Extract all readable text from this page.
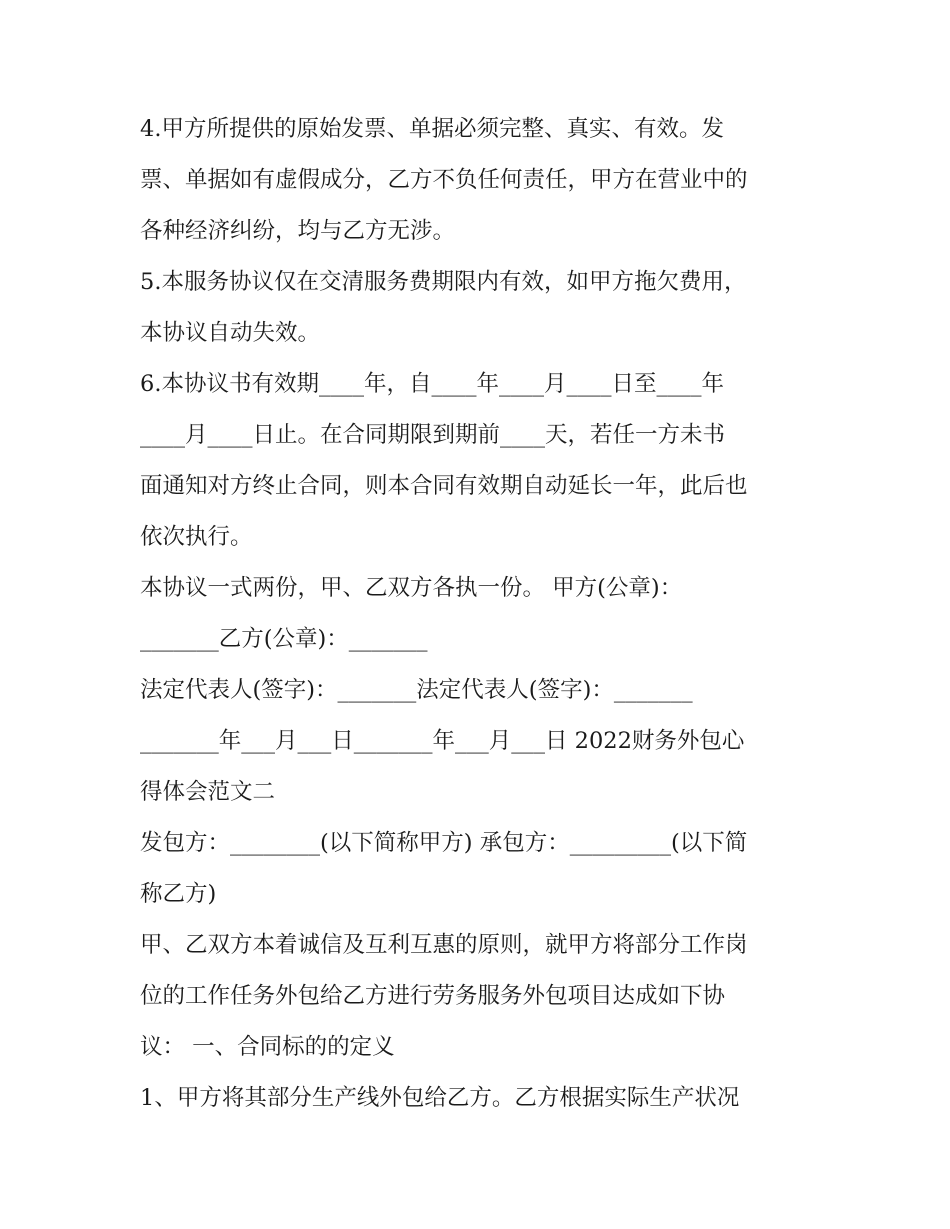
4.甲方所提供的原始发票、单据必须完整、真实、有效。发
票、单据如有虚假成分，乙方不负任何责任，甲方在营业中的
各种经济纠纷，均与乙方无涉。
5.本服务协议仅在交清服务费期限内有效，如甲方拖欠费用，
本协议自动失效。
6.本协议书有效期____年，自____年____月____日至____年
____月____日止。在合同期限到期前____天，若任一方未书
面通知对方终止合同，则本合同有效期自动延长一年，此后也
依次执行。
本协议一式两份，甲、乙双方各执一份。 甲方(公章)：
_______乙方(公章)：_______
法定代表人(签字)：_______法定代表人(签字)：_______
_______年___月___日_______年___月___日 2022财务外包心
得体会范文二
发包方：________(以下简称甲方) 承包方：_________(以下简
称乙方)
甲、乙双方本着诚信及互利互惠的原则，就甲方将部分工作岗
位的工作任务外包给乙方进行劳务服务外包项目达成如下协
议： 一、合同标的的定义
1、甲方将其部分生产线外包给乙方。乙方根据实际生产状况
